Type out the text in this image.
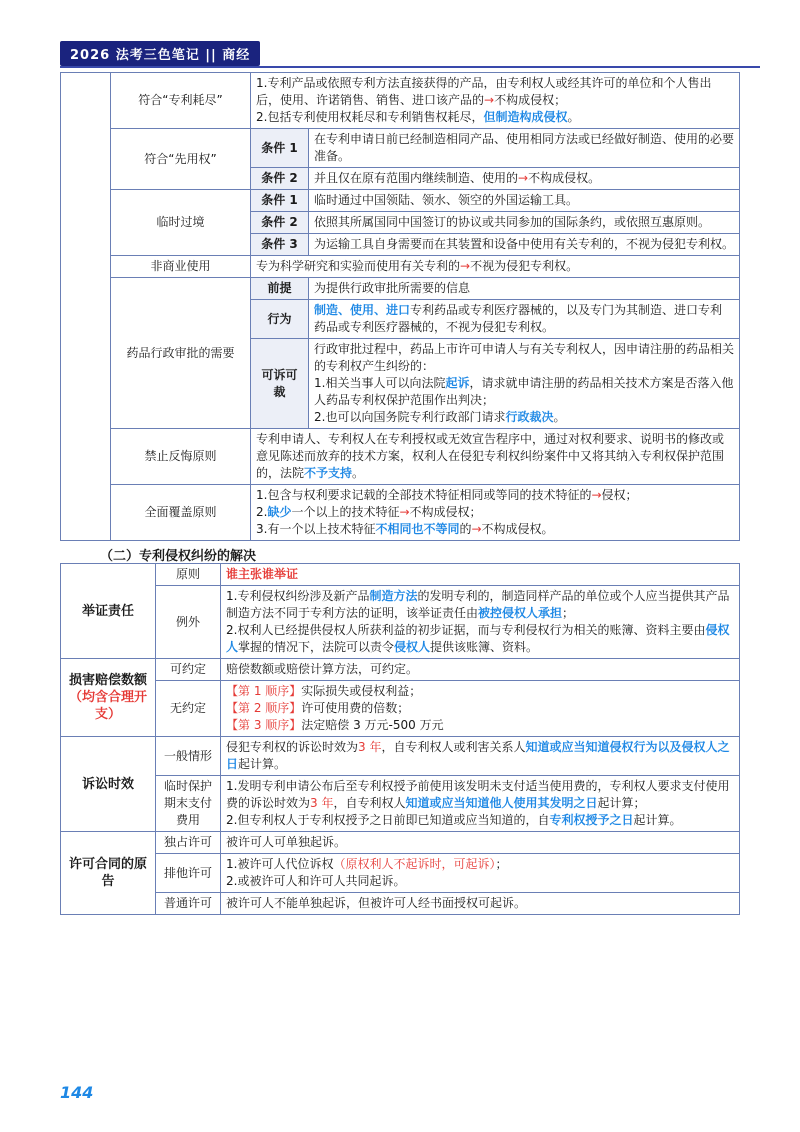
2026 法考三色笔记 || 商经
	符合“专利耗尽”	1.专利产品或依照专利方法直接获得的产品，由专利权人或经其许可的单位和个人售出后，使用、许诺销售、销售、进口该产品的→不构成侵权；
2.包括专利使用权耗尽和专利销售权耗尽，但制造构成侵权。	
	符合“先用权”	条件 1	在专利申请日前已经制造相同产品、使用相同方法或已经做好制造、使用的必要准备。
		条件 2	并且仅在原有范围内继续制造、使用的→不构成侵权。
	临时过境	条件 1	临时通过中国领陆、领水、领空的外国运输工具。
		条件 2	依照其所属国同中国签订的协议或共同参加的国际条约，或依照互惠原则。
		条件 3	为运输工具自身需要而在其装置和设备中使用有关专利的，不视为侵犯专利权。
	非商业使用	专为科学研究和实验而使用有关专利的→不视为侵犯专利权。	
	药品行政审批的需要	前提	为提供行政审批所需要的信息
		行为	制造、使用、进口专利药品或专利医疗器械的，以及专门为其制造、进口专利药品或专利医疗器械的，不视为侵犯专利权。
		可诉可裁	行政审批过程中，药品上市许可申请人与有关专利权人，因申请注册的药品相关的专利权产生纠纷的：
1.相关当事人可以向法院起诉，请求就申请注册的药品相关技术方案是否落入他人药品专利权保护范围作出判决；
2.也可以向国务院专利行政部门请求行政裁决。
	禁止反悔原则	专利申请人、专利权人在专利授权或无效宣告程序中，通过对权利要求、说明书的修改或意见陈述而放弃的技术方案，权利人在侵犯专利权纠纷案件中又将其纳入专利权保护范围的，法院不予支持。	
	全面覆盖原则	1.包含与权利要求记载的全部技术特征相同或等同的技术特征的→侵权；
2.缺少一个以上的技术特征→不构成侵权；
3.有一个以上技术特征不相同也不等同的→不构成侵权。	
（二）专利侵权纠纷的解决
举证责任	原则	谁主张谁举证
	例外	1.专利侵权纠纷涉及新产品制造方法的发明专利的，制造同样产品的单位或个人应当提供其产品制造方法不同于专利方法的证明，该举证责任由被控侵权人承担；
2.权利人已经提供侵权人所获利益的初步证据，而与专利侵权行为相关的账簿、资料主要由侵权人掌握的情况下，法院可以责令侵权人提供该账簿、资料。
损害赔偿数额（均含合理开支）	可约定	赔偿数额或赔偿计算方法，可约定。
	无约定	【第 1 顺序】实际损失或侵权利益；
【第 2 顺序】许可使用费的倍数；
【第 3 顺序】法定赔偿 3 万元-500 万元
诉讼时效	一般情形	侵犯专利权的诉讼时效为3 年，自专利权人或利害关系人知道或应当知道侵权行为以及侵权人之日起计算。
	临时保护期末支付费用	1.发明专利申请公布后至专利权授予前使用该发明未支付适当使用费的，专利权人要求支付使用费的诉讼时效为3 年，自专利权人知道或应当知道他人使用其发明之日起计算；
2.但专利权人于专利权授予之日前即已知道或应当知道的，自专利权授予之日起计算。
许可合同的原告	独占许可	被许可人可单独起诉。
	排他许可	1.被许可人代位诉权（原权利人不起诉时，可起诉）；
2.或被许可人和许可人共同起诉。
	普通许可	被许可人不能单独起诉，但被许可人经书面授权可起诉。
144
